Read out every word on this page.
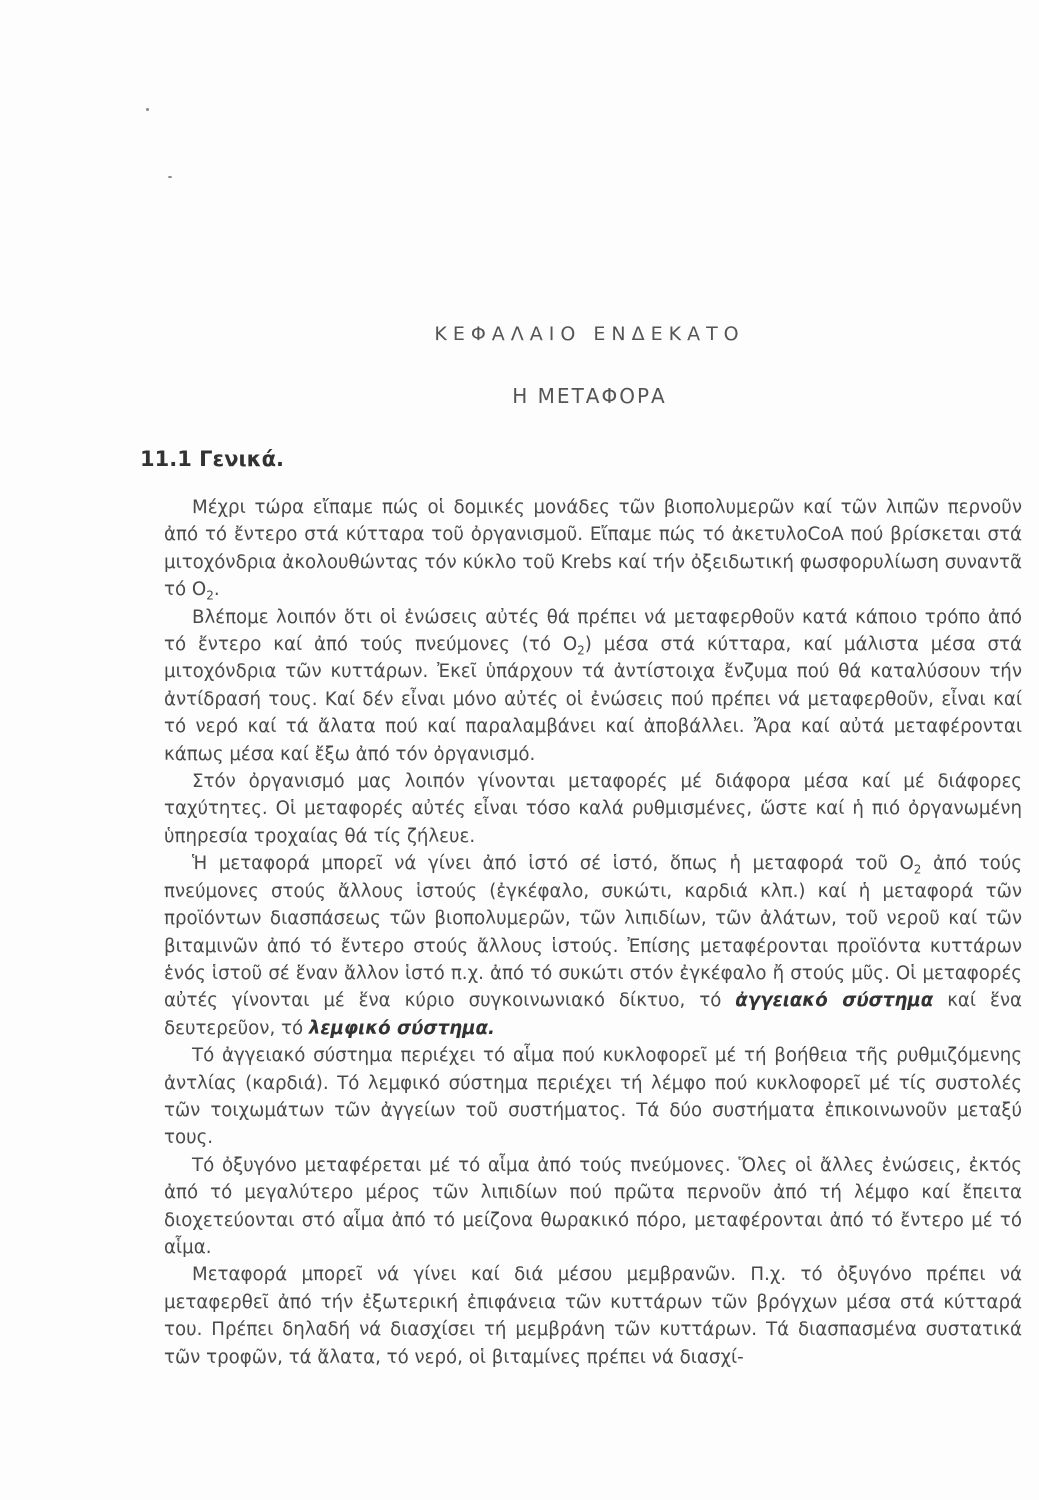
ΚΕΦΑΛΑΙΟ ΕΝΔΕΚΑΤΟ
Η ΜΕΤΑΦΟΡΑ
11.1 Γενικά.

Μέχρι τώρα εἴπαμε πώς οἱ δομικές μονάδες τῶν βιοπολυμερῶν καί τῶν λιπῶν περνοῦν ἀπό τό ἔντερο στά κύτταρα τοῦ ὀργανισμοῦ. Εἴπαμε πώς τό ἀκετυλοCoA πού βρίσκεται στά μιτοχόνδρια ἀκολουθώντας τόν κύκλο τοῦ Krebs καί τήν ὀξειδωτική φωσφορυλίωση συναντᾶ τό $O_2$.

Βλέπομε λοιπόν ὅτι οἱ ἐνώσεις αὐτές θά πρέπει νά μεταφερθοῦν κατά κάποιο τρόπο ἀπό τό ἔντερο καί ἀπό τούς πνεύμονες (τό $O_2$) μέσα στά κύτταρα, καί μάλιστα μέσα στά μιτοχόνδρια τῶν κυττάρων. Ἐκεῖ ὑπάρχουν τά ἀντίστοιχα ἔνζυμα πού θά καταλύσουν τήν ἀντίδρασή τους. Καί δέν εἶναι μόνο αὐτές οἱ ἐνώσεις πού πρέπει νά μεταφερθοῦν, εἶναι καί τό νερό καί τά ἄλατα πού καί παραλαμβάνει καί ἀποβάλλει. Ἄρα καί αὐτά μεταφέρονται κάπως μέσα καί ἔξω ἀπό τόν ὀργανισμό.

Στόν ὀργανισμό μας λοιπόν γίνονται μεταφορές μέ διάφορα μέσα καί μέ διάφορες ταχύτητες. Οἱ μεταφορές αὐτές εἶναι τόσο καλά ρυθμισμένες, ὥστε καί ἡ πιό ὀργανωμένη ὑπηρεσία τροχαίας θά τίς ζήλευε.

Ἡ μεταφορά μπορεῖ νά γίνει ἀπό ἱστό σέ ἱστό, ὅπως ἡ μεταφορά τοῦ $O_2$ ἀπό τούς πνεύμονες στούς ἄλλους ἱστούς (ἐγκέφαλο, συκώτι, καρδιά κλπ.) καί ἡ μεταφορά τῶν προϊόντων διασπάσεως τῶν βιοπολυμερῶν, τῶν λιπιδίων, τῶν ἀλάτων, τοῦ νεροῦ καί τῶν βιταμινῶν ἀπό τό ἔντερο στούς ἄλλους ἱστούς. Ἐπίσης μεταφέρονται προϊόντα κυττάρων ἑνός ἱστοῦ σέ ἕναν ἄλλον ἱστό π.χ. ἀπό τό συκώτι στόν ἐγκέφαλο ἤ στούς μῦς. Οἱ μεταφορές αὐτές γίνονται μέ ἕνα κύριο συγκοινωνιακό δίκτυο, τό ἀγγειακό σύστημα καί ἕνα δευτερεῦον, τό λεμφικό σύστημα.

Τό ἀγγειακό σύστημα περιέχει τό αἷμα πού κυκλοφορεῖ μέ τή βοήθεια τῆς ρυθμιζόμενης ἀντλίας (καρδιά). Τό λεμφικό σύστημα περιέχει τή λέμφο πού κυκλοφορεῖ μέ τίς συστολές τῶν τοιχωμάτων τῶν ἀγγείων τοῦ συστήματος. Τά δύο συστήματα ἐπικοινωνοῦν μεταξύ τους.

Τό ὀξυγόνο μεταφέρεται μέ τό αἷμα ἀπό τούς πνεύμονες. Ὅλες οἱ ἄλλες ἐνώσεις, ἐκτός ἀπό τό μεγαλύτερο μέρος τῶν λιπιδίων πού πρῶτα περνοῦν ἀπό τή λέμφο καί ἔπειτα διοχετεύονται στό αἷμα ἀπό τό μείζονα θωρακικό πόρο, μεταφέρονται ἀπό τό ἔντερο μέ τό αἷμα.

Μεταφορά μπορεῖ νά γίνει καί διά μέσου μεμβρανῶν. Π.χ. τό ὀξυγόνο πρέπει νά μεταφερθεῖ ἀπό τήν ἐξωτερική ἐπιφάνεια τῶν κυττάρων τῶν βρόγχων μέσα στά κύτταρά του. Πρέπει δηλαδή νά διασχίσει τή μεμβράνη τῶν κυττάρων. Τά διασπασμένα συστατικά τῶν τροφῶν, τά ἄλατα, τό νερό, οἱ βιταμίνες πρέπει νά διασχί-
